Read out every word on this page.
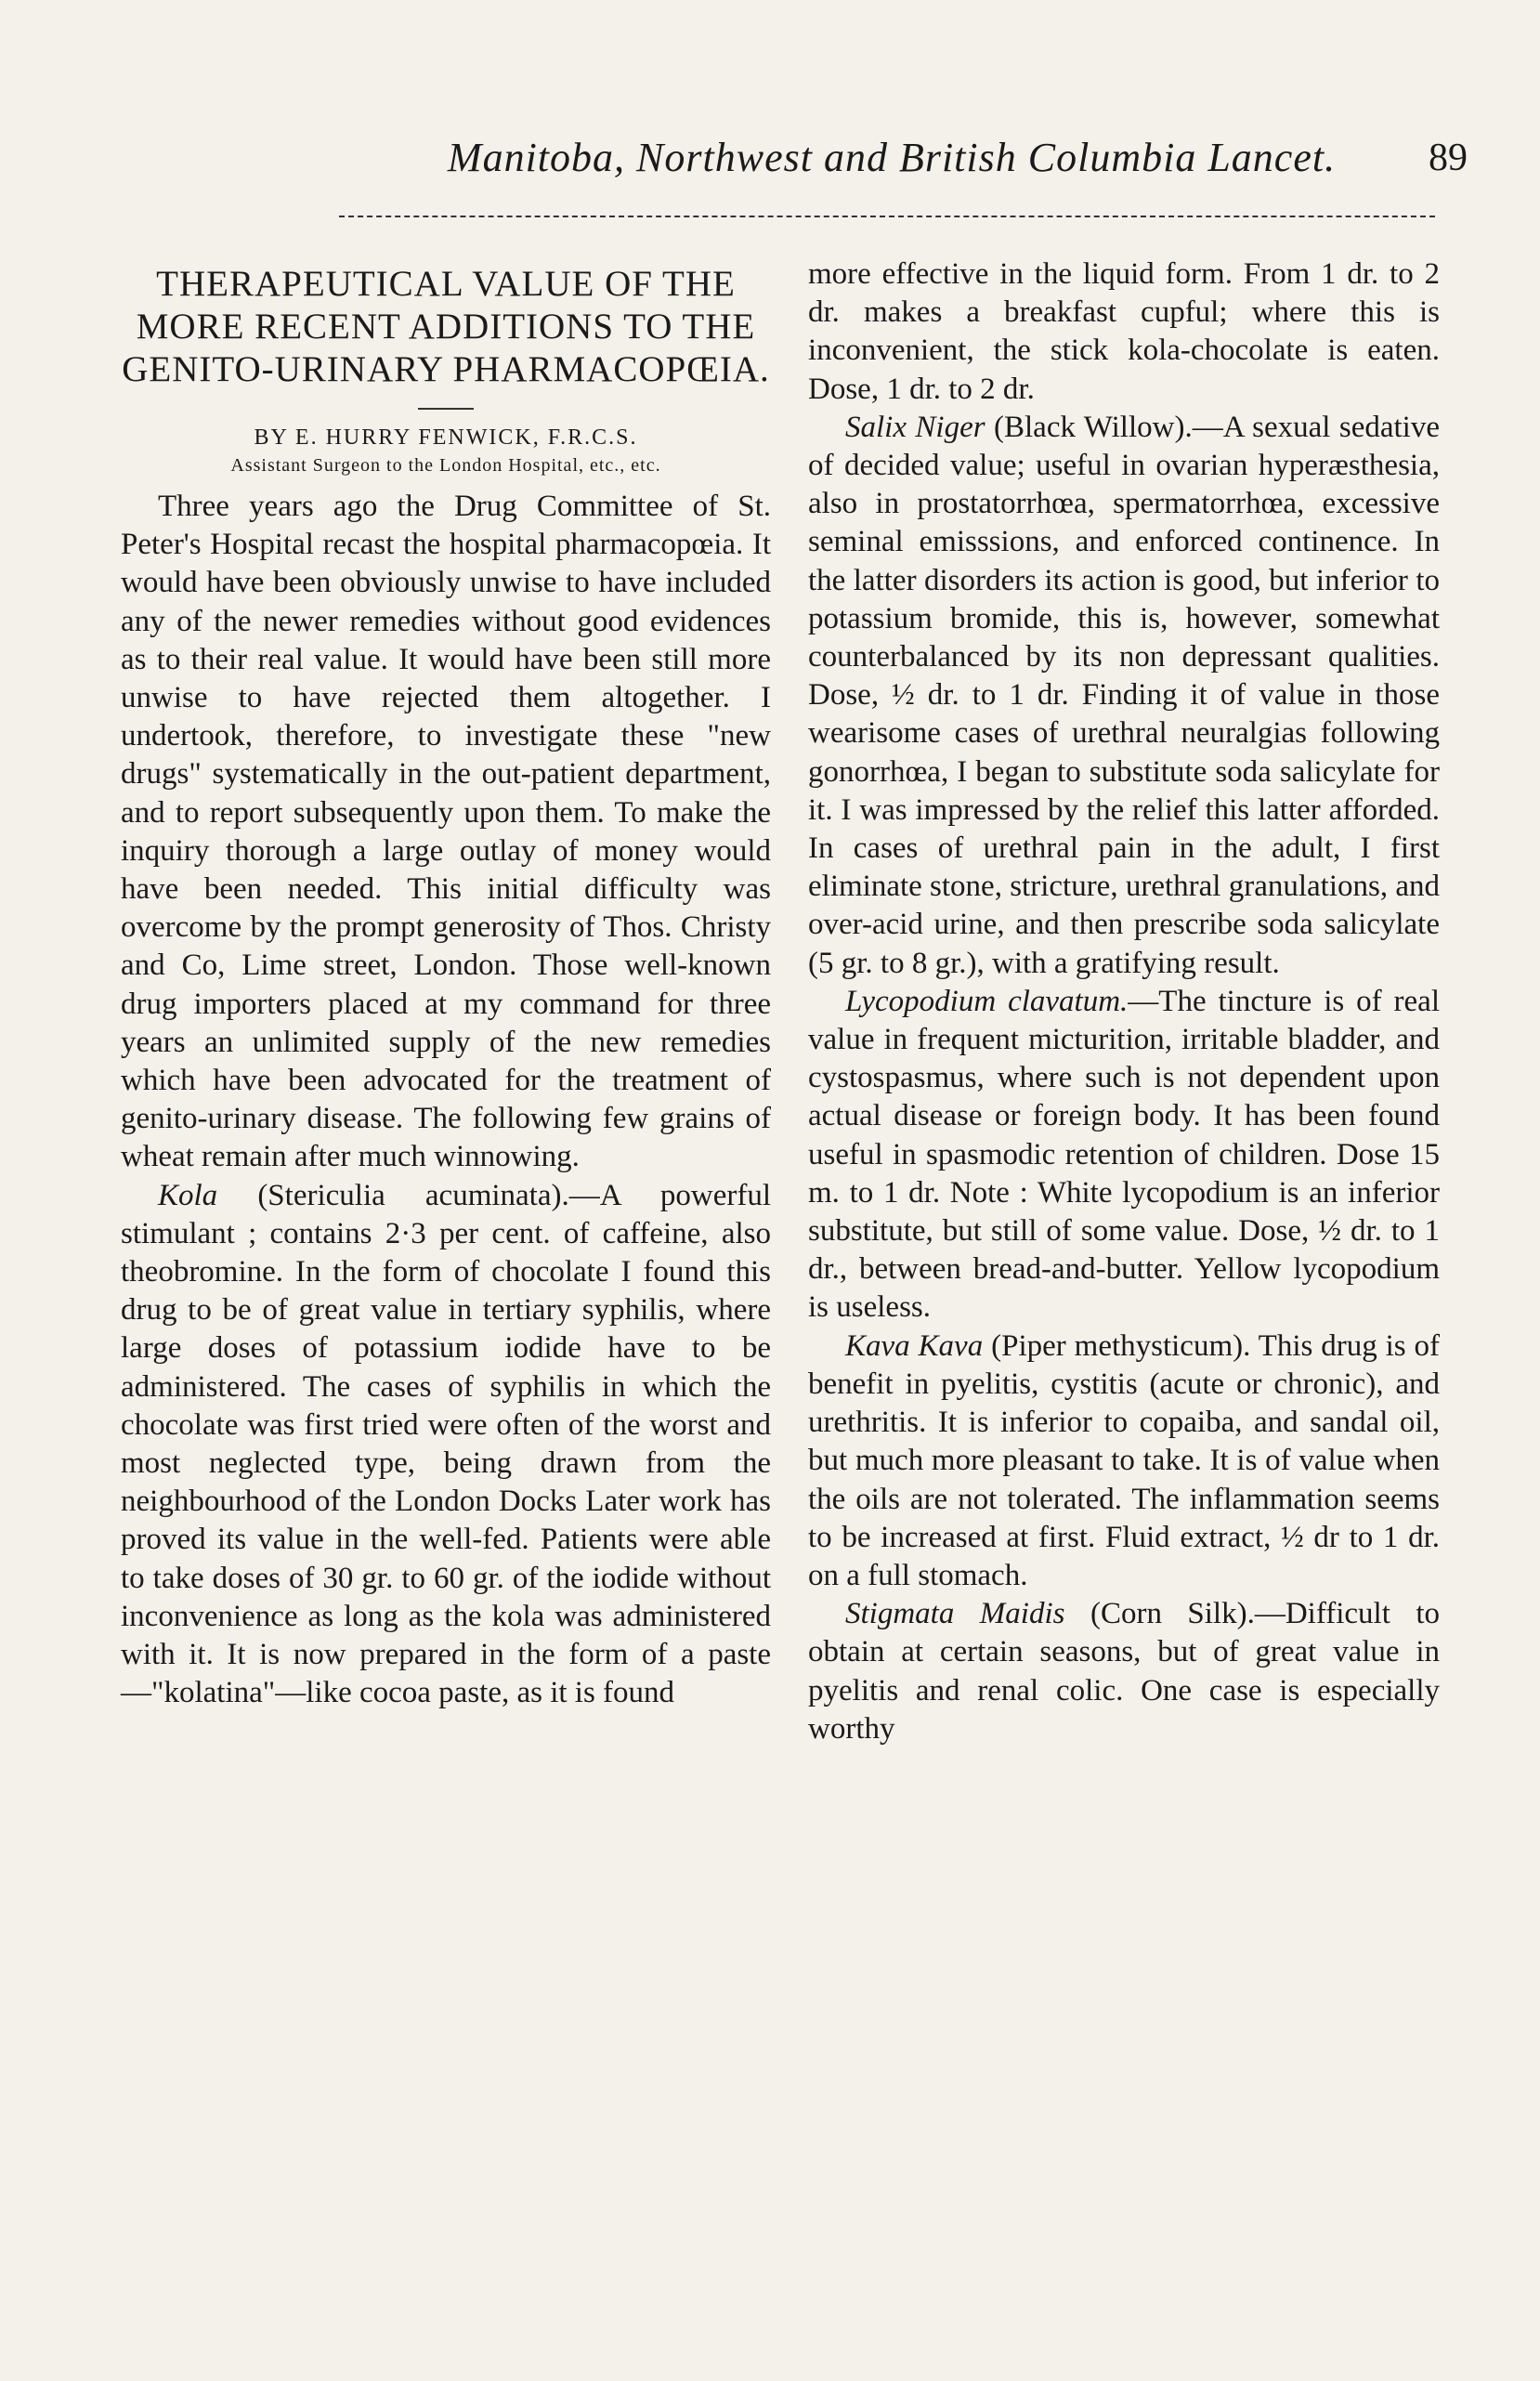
Manitoba, Northwest and British Columbia Lancet.	89
THERAPEUTICAL VALUE OF THE MORE RECENT ADDITIONS TO THE GENITO-URINARY PHARMACOPŒIA.
BY E. HURRY FENWICK, F.R.C.S.
Assistant Surgeon to the London Hospital, etc., etc.

Three years ago the Drug Committee of St. Peter's Hospital recast the hospital pharmacopœia. It would have been obviously unwise to have included any of the newer remedies without good evidences as to their real value. It would have been still more unwise to have rejected them altogether. I undertook, therefore, to investigate these "new drugs" systematically in the out-patient department, and to report subsequently upon them. To make the inquiry thorough a large outlay of money would have been needed. This initial difficulty was overcome by the prompt generosity of Thos. Christy and Co, Lime street, London. Those well-known drug importers placed at my command for three years an unlimited supply of the new remedies which have been advocated for the treatment of genito-urinary disease. The following few grains of wheat remain after much winnowing.

Kola (Stericulia acuminata).—A powerful stimulant ; contains 2·3 per cent. of caffeine, also theobromine. In the form of chocolate I found this drug to be of great value in tertiary syphilis, where large doses of potassium iodide have to be administered. The cases of syphilis in which the chocolate was first tried were often of the worst and most neglected type, being drawn from the neighbourhood of the London Docks Later work has proved its value in the well-fed. Patients were able to take doses of 30 gr. to 60 gr. of the iodide without inconvenience as long as the kola was administered with it. It is now prepared in the form of a paste—"kolatina"—like cocoa paste, as it is found

more effective in the liquid form. From 1 dr. to 2 dr. makes a breakfast cupful; where this is inconvenient, the stick kola-chocolate is eaten. Dose, 1 dr. to 2 dr.

Salix Niger (Black Willow).—A sexual sedative of decided value; useful in ovarian hyperæsthesia, also in prostatorrhœa, spermatorrhœa, excessive seminal emisssions, and enforced continence. In the latter disorders its action is good, but inferior to potassium bromide, this is, however, somewhat counterbalanced by its non depressant qualities. Dose, ½ dr. to 1 dr. Finding it of value in those wearisome cases of urethral neuralgias following gonorrhœa, I began to substitute soda salicylate for it. I was impressed by the relief this latter afforded. In cases of urethral pain in the adult, I first eliminate stone, stricture, urethral granulations, and over-acid urine, and then prescribe soda salicylate (5 gr. to 8 gr.), with a gratifying result.

Lycopodium clavatum.—The tincture is of real value in frequent micturition, irritable bladder, and cystospasmus, where such is not dependent upon actual disease or foreign body. It has been found useful in spasmodic retention of children. Dose 15 m. to 1 dr. Note : White lycopodium is an inferior substitute, but still of some value. Dose, ½ dr. to 1 dr., between bread-and-butter. Yellow lycopodium is useless.

Kava Kava (Piper methysticum). This drug is of benefit in pyelitis, cystitis (acute or chronic), and urethritis. It is inferior to copaiba, and sandal oil, but much more pleasant to take. It is of value when the oils are not tolerated. The inflammation seems to be increased at first. Fluid extract, ½ dr to 1 dr. on a full stomach.

Stigmata Maidis (Corn Silk).—Difficult to obtain at certain seasons, but of great value in pyelitis and renal colic. One case is especially worthy
